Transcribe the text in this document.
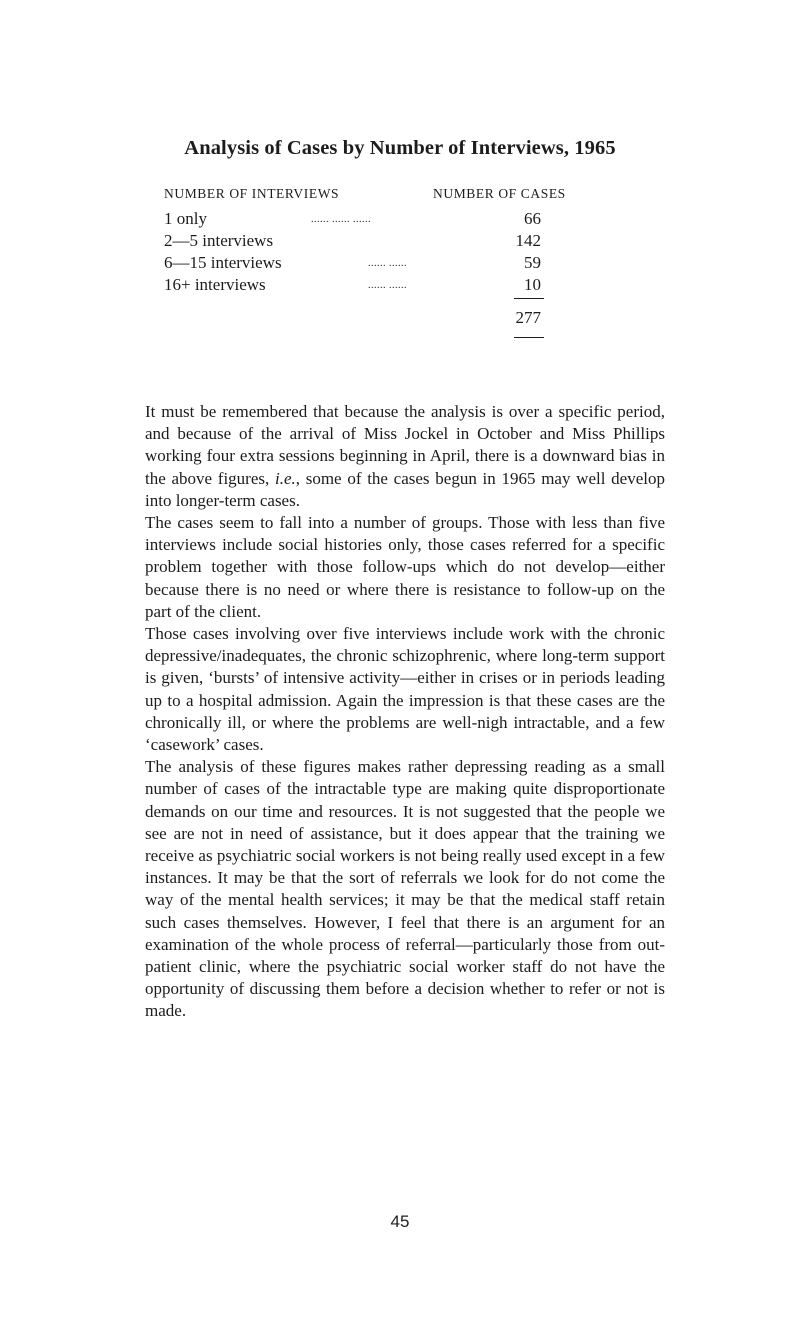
Analysis of Cases by Number of Interviews, 1965
NUMBER OF INTERVIEWS	NUMBER OF CASES
1 only	...... ...... ......	66
2—5 interviews	142
6—15 interviews	...... ......	59
16+ interviews	...... ......	10
277

It must be remembered that because the analysis is over a specific period, and because of the arrival of Miss Jockel in October and Miss Phillips working four extra sessions beginning in April, there is a downward bias in the above figures, i.e., some of the cases begun in 1965 may well develop into longer-term cases.

The cases seem to fall into a number of groups. Those with less than five interviews include social histories only, those cases referred for a specific problem together with those follow-ups which do not develop—either because there is no need or where there is resistance to follow-up on the part of the client.

Those cases involving over five interviews include work with the chronic depressive/inadequates, the chronic schizophrenic, where long-term support is given, ‘bursts’ of intensive activity—either in crises or in periods leading up to a hospital admission. Again the impression is that these cases are the chronically ill, or where the problems are well-nigh intractable, and a few ‘casework’ cases.

The analysis of these figures makes rather depressing reading as a small number of cases of the intractable type are making quite disproportionate demands on our time and resources. It is not suggested that the people we see are not in need of assistance, but it does appear that the training we receive as psychiatric social workers is not being really used except in a few instances. It may be that the sort of referrals we look for do not come the way of the mental health services; it may be that the medical staff retain such cases themselves. However, I feel that there is an argument for an examination of the whole process of referral—particularly those from out-patient clinic, where the psychiatric social worker staff do not have the opportunity of discussing them before a decision whether to refer or not is made.

45
